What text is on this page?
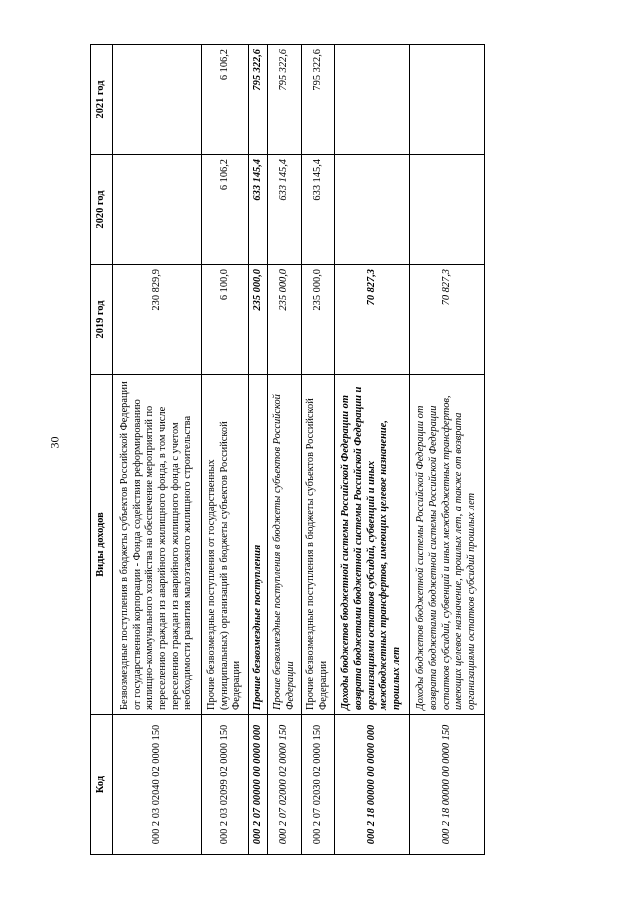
30
Код	Виды доходов	2019 год	2020 год	2021 год
000 2 03 02040 02 0000 150	Безвозмездные поступления в бюджеты субъектов Российской Федерации от государственной корпорации - Фонда содействия реформированию жилищно-коммунального хозяйства на обеспечение мероприятий по переселению граждан из аварийного жилищного фонда, в том числе переселению граждан из аварийного жилищного фонда с учетом необходимости развития малоэтажного жилищного строительства	230 829,9		
000 2 03 02099 02 0000 150	Прочие безвозмездные поступления от государственных (муниципальных) организаций в бюджеты субъектов Российской Федерации	6 100,0	6 106,2	6 106,2
000 2 07 00000 00 0000 000	Прочие безвозмездные поступления	235 000,0	633 145,4	795 322,6
000 2 07 02000 02 0000 150	Прочие безвозмездные поступления в бюджеты субъектов Российской Федерации	235 000,0	633 145,4	795 322,6
000 2 07 02030 02 0000 150	Прочие безвозмездные поступления в бюджеты субъектов Российской Федерации	235 000,0	633 145,4	795 322,6
000 2 18 00000 00 0000 000	Доходы бюджетов бюджетной системы Российской Федерации от возврата бюджетами бюджетной системы Российской Федерации и организациями остатков субсидий, субвенций и иных межбюджетных трансфертов, имеющих целевое назначение, прошлых лет	70 827,3		
000 2 18 00000 00 0000 150	Доходы бюджетов бюджетной системы Российской Федерации от возврата бюджетами бюджетной системы Российской Федерации остатков субсидий, субвенций и иных межбюджетных трансфертов, имеющих целевое назначение, прошлых лет, а также от возврата организациями остатков субсидий прошлых лет	70 827,3		
